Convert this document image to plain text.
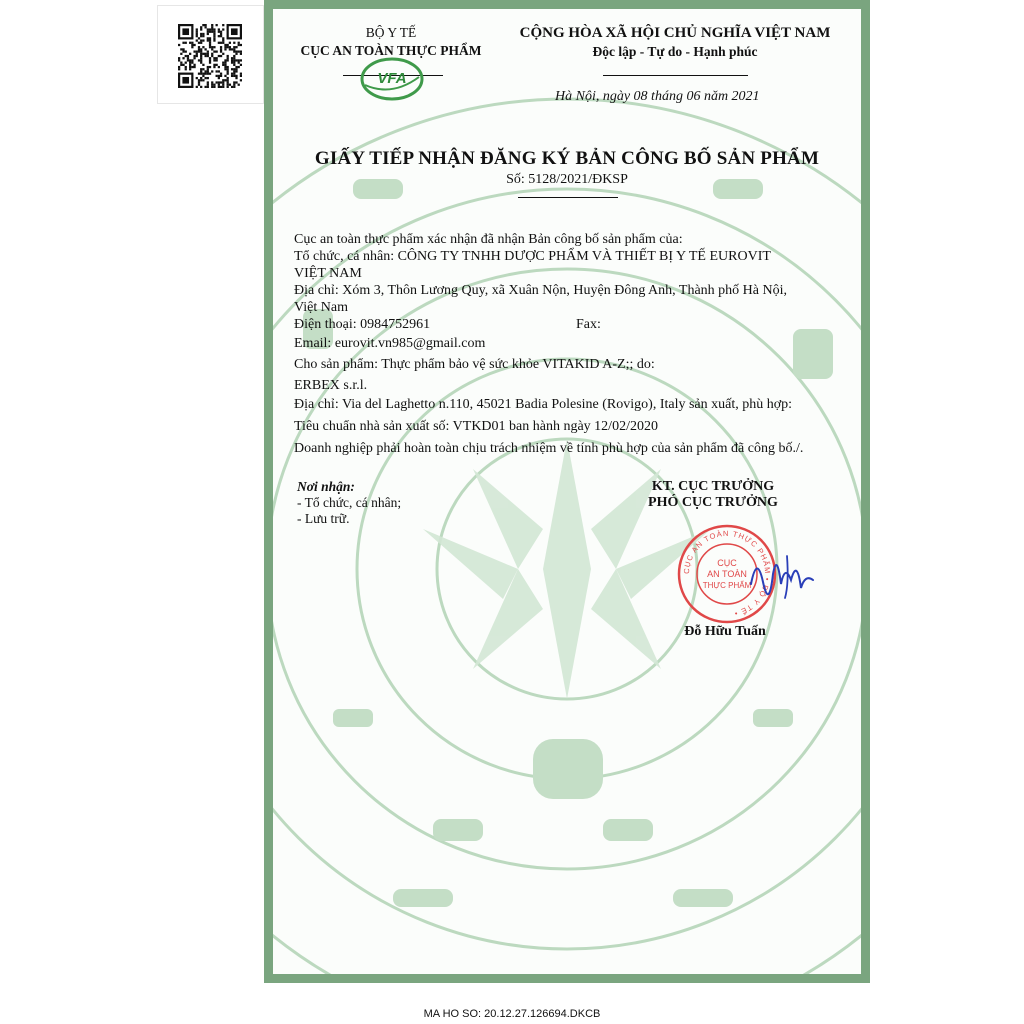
BỘ Y TẾ
CỤC AN TOÀN THỰC PHẨM
VFA
CỘNG HÒA XÃ HỘI CHỦ NGHĨA VIỆT NAM
Độc lập - Tự do - Hạnh phúc
Hà Nội, ngày 08 tháng 06 năm 2021
GIẤY TIẾP NHẬN ĐĂNG KÝ BẢN CÔNG BỐ SẢN PHẨM
Số: 5128/2021/ĐKSP

Cục an toàn thực phẩm xác nhận đã nhận Bản công bố sản phẩm của:

Tổ chức, cá nhân: CÔNG TY TNHH DƯỢC PHẨM VÀ THIẾT BỊ Y TẾ EUROVIT

VIỆT NAM

Địa chỉ: Xóm 3, Thôn Lương Quy, xã Xuân Nộn, Huyện Đông Anh, Thành phố Hà Nội,

Việt Nam

Điện thoại: 0984752961	Fax:

Email: eurovit.vn985@gmail.com

Cho sản phẩm: Thực phẩm bảo vệ sức khỏe VITAKID A-Z;; do:

ERBEX s.r.l.

Địa chỉ: Via del Laghetto n.110, 45021 Badia Polesine (Rovigo), Italy sản xuất, phù hợp:

Tiêu chuẩn nhà sản xuất số: VTKD01 ban hành ngày 12/02/2020

Doanh nghiệp phải hoàn toàn chịu trách nhiệm về tính phù hợp của sản phẩm đã công bố./.

Nơi nhận:
- Tổ chức, cá nhân;
- Lưu trữ.
KT. CỤC TRƯỞNG
PHÓ CỤC TRƯỞNG
CỤC AN TOÀN THỰC PHẨM • BỘ Y TẾ •
CỤC
AN TOÀN
THỰC PHẨM
Đỗ Hữu Tuấn
MA HO SO: 20.12.27.126694.DKCB
